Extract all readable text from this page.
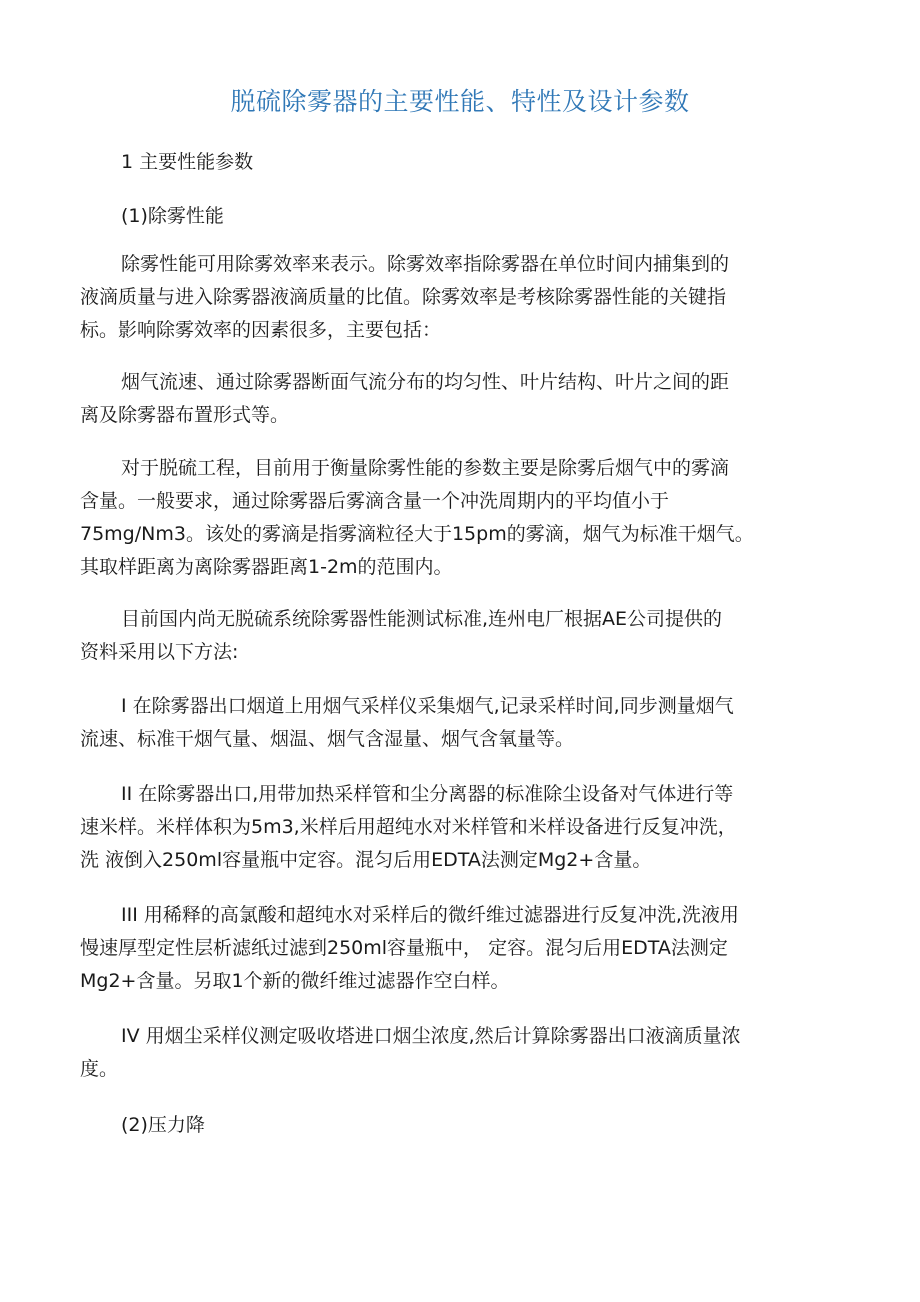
脱硫除雾器的主要性能、特性及设计参数
1 主要性能参数
(1)除雾性能
除雾性能可用除雾效率来表示。除雾效率指除雾器在单位时间内捕集到的
液滴质量与进入除雾器液滴质量的比值。除雾效率是考核除雾器性能的关键指
标。影响除雾效率的因素很多，主要包括：
烟气流速、通过除雾器断面气流分布的均匀性、叶片结构、叶片之间的距
离及除雾器布置形式等。
对于脱硫工程，目前用于衡量除雾性能的参数主要是除雾后烟气中的雾滴
含量。一般要求，通过除雾器后雾滴含量一个冲洗周期内的平均值小于
75mg/Nm3。该处的雾滴是指雾滴粒径大于15pm的雾滴，烟气为标准干烟气。
其取样距离为离除雾器距离1-2m的范围内。
目前国内尚无脱硫系统除雾器性能测试标准,连州电厂根据AE公司提供的
资料采用以下方法:
I 在除雾器出口烟道上用烟气采样仪采集烟气,记录采样时间,同步测量烟气
流速、标准干烟气量、烟温、烟气含湿量、烟气含氧量等。
II 在除雾器出口,用带加热采样管和尘分离器的标准除尘设备对气体进行等
速米样。米样体积为5m3,米样后用超纯水对米样管和米样设备进行反复冲洗，
洗 液倒入250ml容量瓶中定容。混匀后用EDTA法测定Mg2+含量。
III 用稀释的高氯酸和超纯水对采样后的微纤维过滤器进行反复冲洗,洗液用
慢速厚型定性层析滤纸过滤到250ml容量瓶中， 定容。混匀后用EDTA法测定
Mg2+含量。另取1个新的微纤维过滤器作空白样。
IV 用烟尘采样仪测定吸收塔进口烟尘浓度,然后计算除雾器出口液滴质量浓
度。
(2)压力降
